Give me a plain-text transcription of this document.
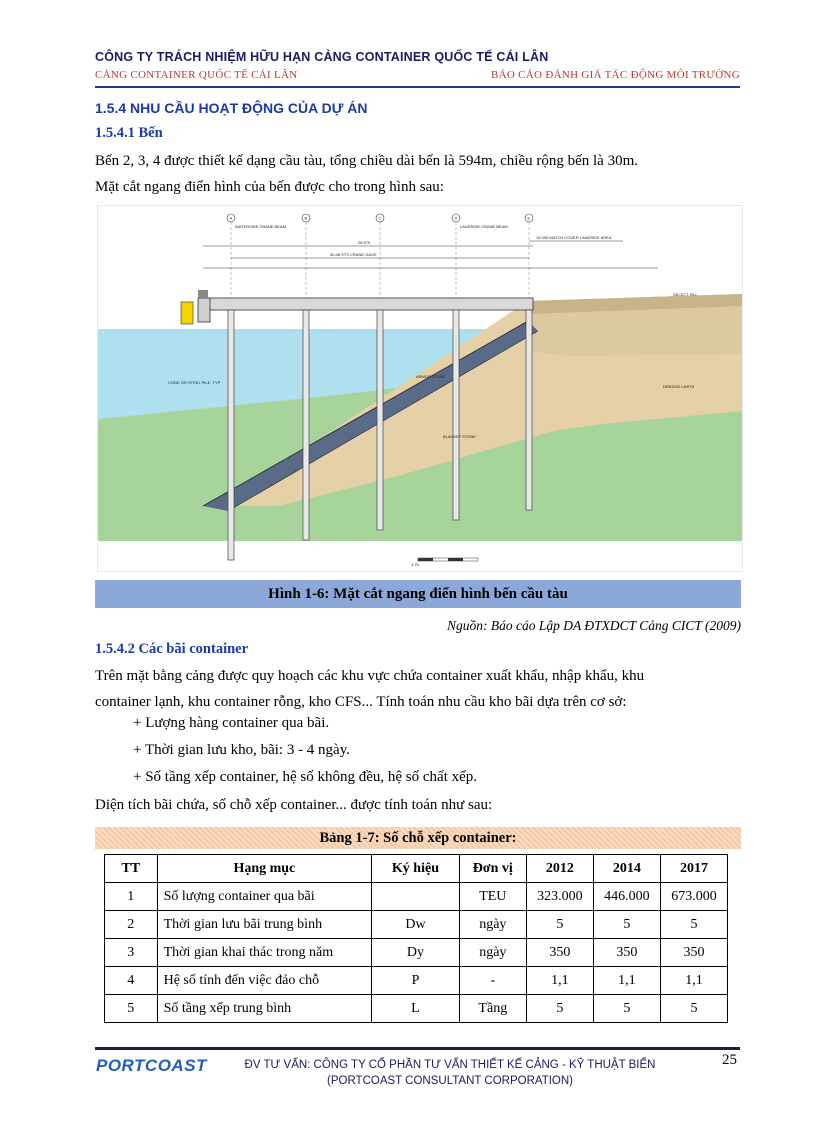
CÔNG TY TRÁCH NHIỆM HỮU HẠN CẢNG CONTAINER QUỐC TẾ CÁI LÂN
CẢNG CONTAINER QUỐC TẾ CÁI LÂN	BÁO CÁO ĐÁNH GIÁ TÁC ĐỘNG MÔI TRƯỜNG
1.5.4 NHU CẦU HOẠT ĐỘNG CỦA DỰ ÁN
1.5.4.1 Bến
Bến 2, 3, 4 được thiết kế dạng cầu tàu, tổng chiều dài bến là 594m, chiều rộng bến là 30m.
Mặt cắt ngang điển hình của bến được cho trong hình sau:
A	B	C	D	E
28 570
30.48 STS CRANE GAGE
15 000 MATCH COVER LANDSIDE AREA
WATERSIDE CRANE BEAM	LANDSIDE CRANE BEAM
SELECT FILL
DREDGE LIMITS
ARMOR STONE
BLANKET STONE
CONC OR STEEL PILE, TYP
1:75
Hình 1-6: Mặt cắt ngang điển hình bến cầu tàu
Nguồn: Báo cáo Lập DA ĐTXDCT Cảng CICT (2009)
1.5.4.2 Các bãi container
Trên mặt bằng cảng được quy hoạch các khu vực chứa container xuất khẩu, nhập khẩu, khu
container lạnh, khu container rỗng, kho CFS... Tính toán nhu cầu kho bãi dựa trên cơ sở:
+ Lượng hàng container qua bãi.
+ Thời gian lưu kho, bãi: 3 - 4 ngày.
+ Số tầng xếp container, hệ số không đều, hệ số chất xếp.
Diện tích bãi chứa, số chỗ xếp container... được tính toán như sau:
Bảng 1-7: Số chỗ xếp container:
TT	Hạng mục	Ký hiệu	Đơn vị	2012	2014	2017
1	Số lượng container qua bãi		TEU	323.000	446.000	673.000
2	Thời gian lưu bãi trung bình	Dw	ngày	5	5	5
3	Thời gian khai thác trong năm	Dy	ngày	350	350	350
4	Hệ số tính đến việc đảo chỗ	P	-	1,1	1,1	1,1
5	Số tầng xếp trung bình	L	Tầng	5	5	5
PORTCOAST	ĐV TƯ VẤN: CÔNG TY CỔ PHẦN TƯ VẤN THIẾT KẾ CẢNG - KỸ THUẬT BIỂN
(PORTCOAST CONSULTANT CORPORATION)
25
